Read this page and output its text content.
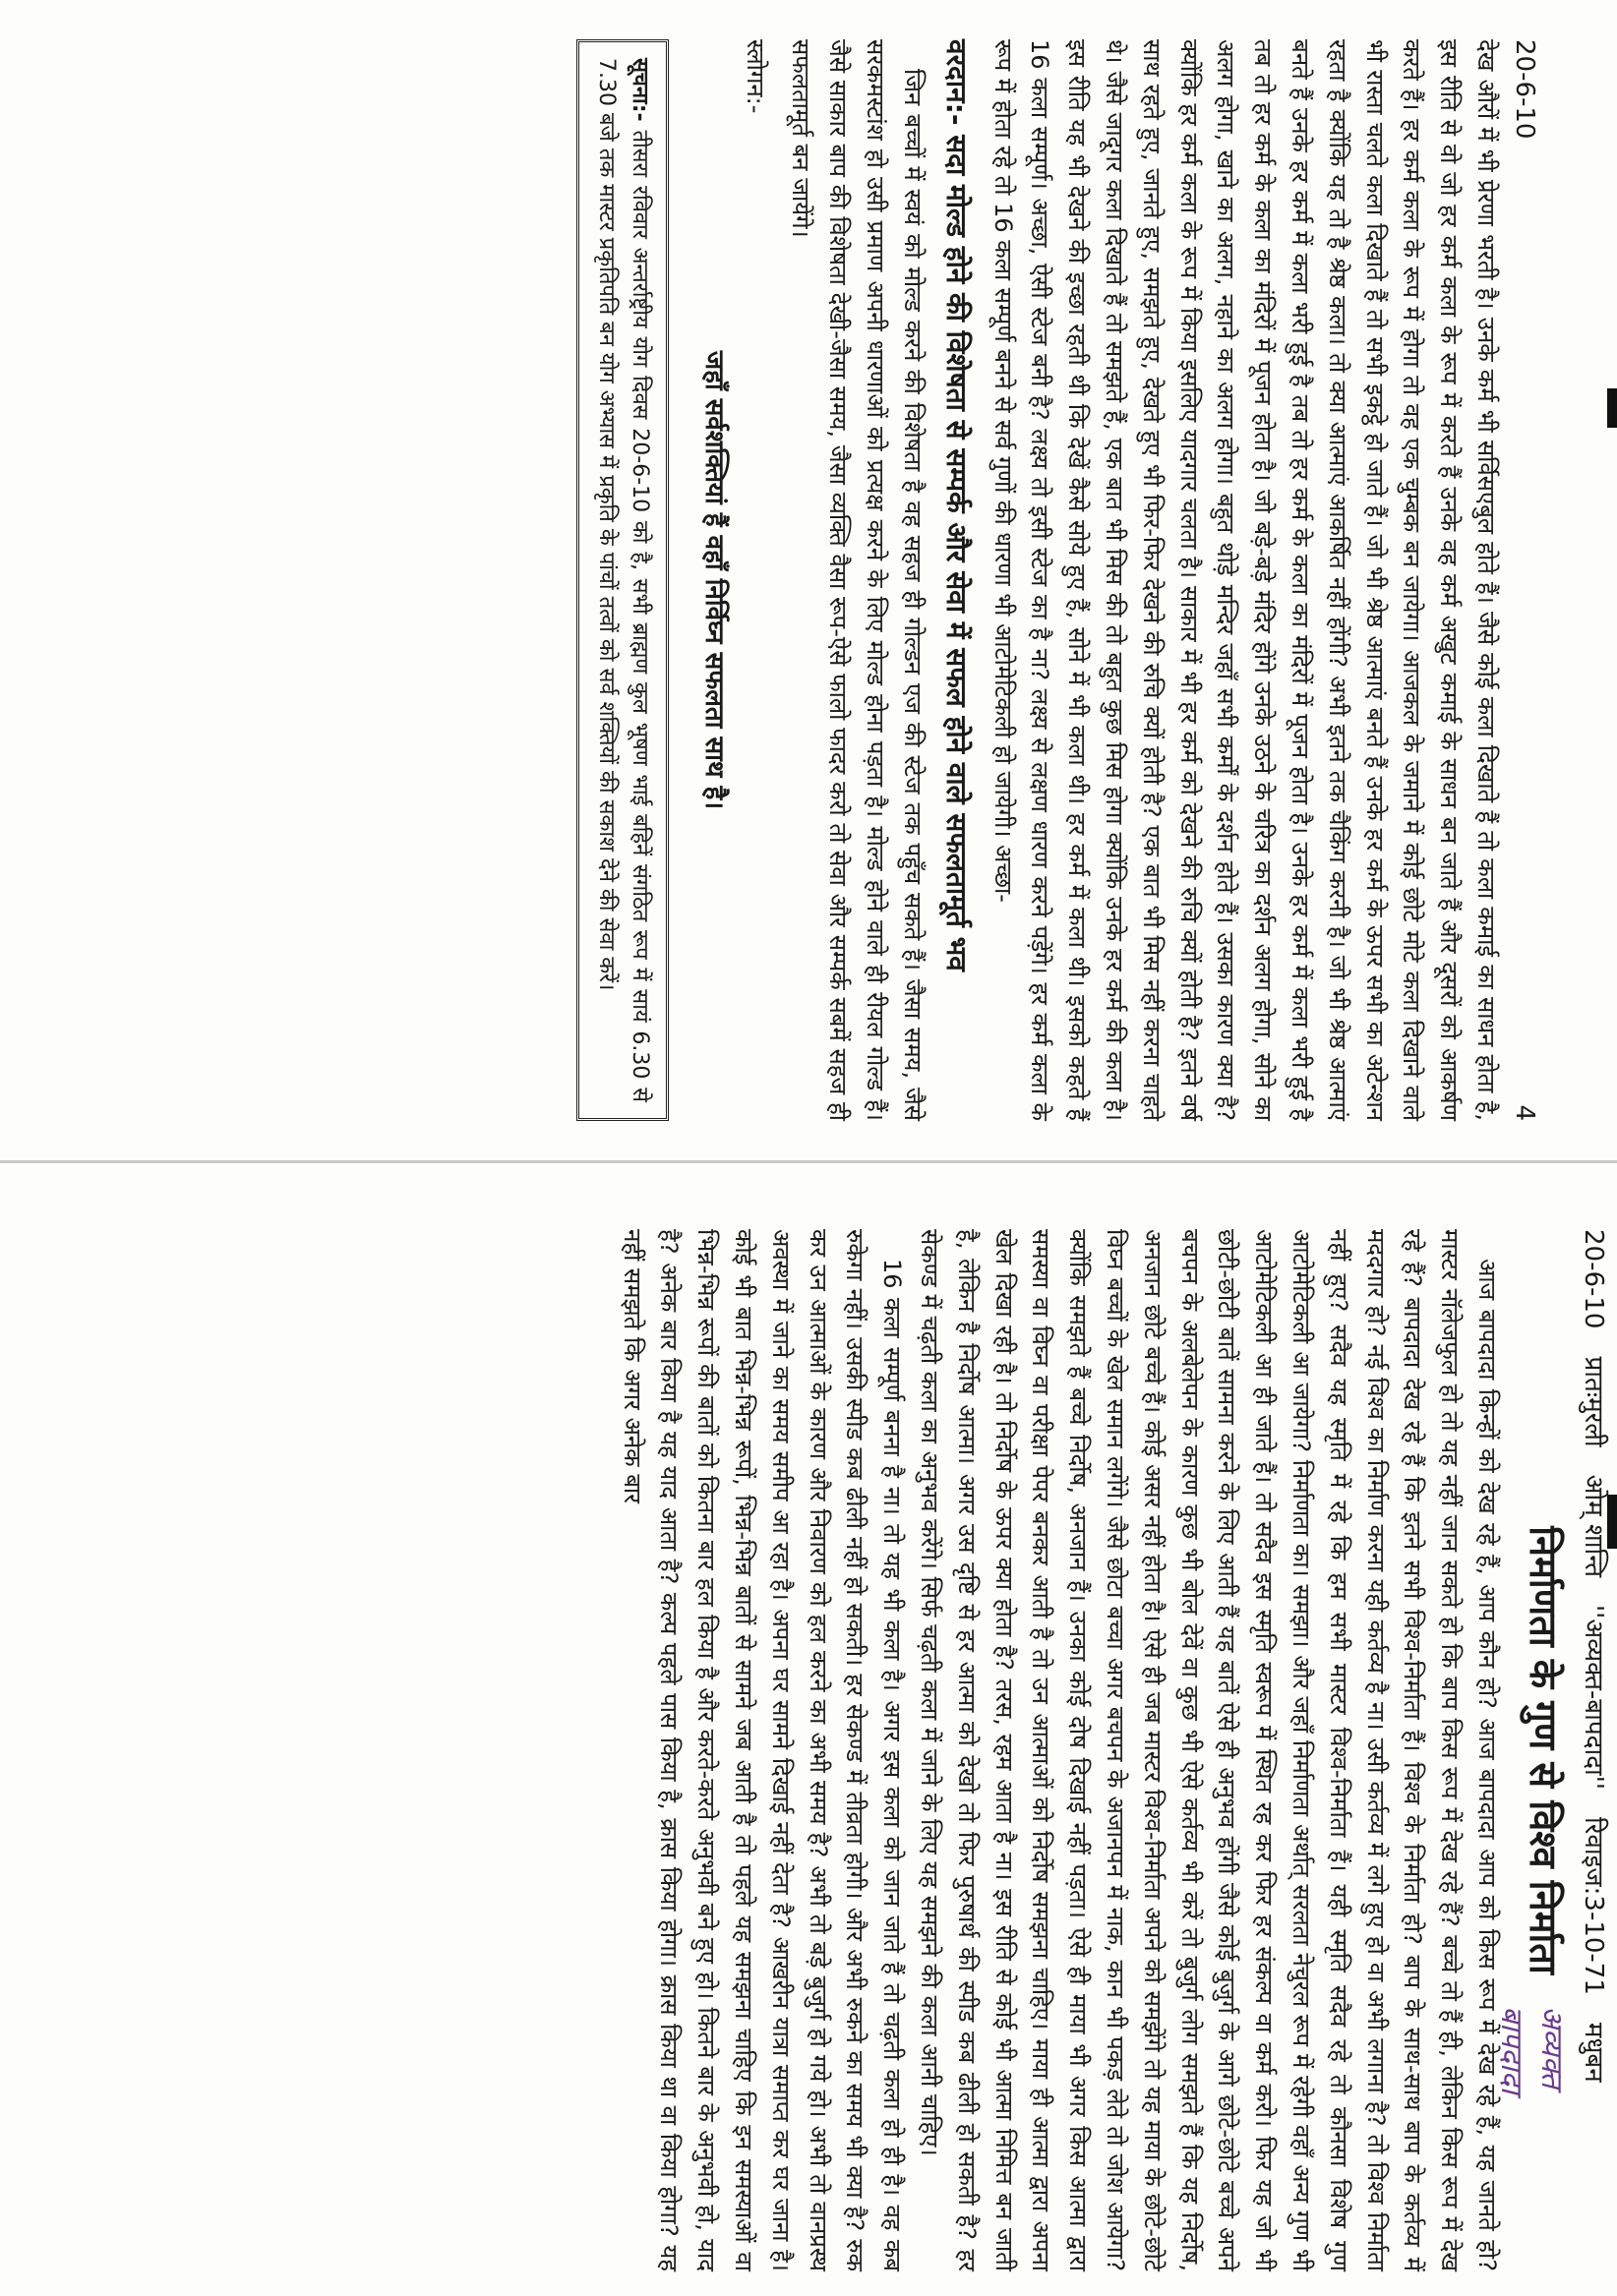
अव्यक्त बापदादा
20-6-10
प्रातःमुरली
ओम् शान्ति
''अव्यक्त-बापदादा''
रिवाइज:3-10-71
मधुबन
निर्माणता के गुण से विश्व निर्माता

आज बापदादा किन्हों को देख रहे हैं, आप कौन हो? आज बापदादा आप को किस रूप में देख रहे हैं, यह जानते हो? मास्टर नॉलेजफुल हो तो यह नहीं जान सकते हो कि बाप किस रूप में देख रहे हैं? बच्चे तो हैं ही, लेकिन किस रूप में देख रहे हैं? बापदादा देख रहे हैं कि इतने सभी विश्व-निर्माता हैं। विश्व के निर्माता हो? बाप के साथ-साथ बाप के कर्तव्य में मददगार हो? नई विश्व का निर्माण करना यही कर्तव्य है ना। उसी कर्तव्य में लगे हुए हो वा अभी लगाना है? तो विश्व निर्माता नहीं हुए? सदैव यह स्मृति में रहे कि हम सभी मास्टर विश्व-निर्माता हैं। यही स्मृति सदैव रहे तो कौनसा विशेष गुण आटोमेटिकली आ जायेगा? निर्माणता का। समझा। और जहाँ निर्माणता अर्थात् सरलता नेचुरल रूप में रहेगी वहाँ अन्य गुण भी आटोमेटिकली आ ही जाते हैं। तो सदैव इस स्मृति स्वरूप में स्थित रह कर फिर हर संकल्प वा कर्म करो। फिर यह जो भी छोटी-छोटी बातें सामना करने के लिए आती हैं यह बातें ऐसे ही अनुभव होंगी जैसे कोई बुजुर्ग के आगे छोटे-छोटे बच्चे अपने बचपन के अलबेलेपन के कारण कुछ भी बोल देवें वा कुछ भी ऐसे कर्तव्य भी करें तो बुजुर्ग लोग समझते हैं कि यह निर्दोष, अनजान छोटे बच्चे हैं। कोई असर नहीं होता है। ऐसे ही जब मास्टर विश्व-निर्माता अपने को समझेंगे तो यह माया के छोटे-छोटे विघ्न बच्चों के खेल समान लगेंगे। जैसे छोटा बच्चा अगर बचपन के अजानपन में नाक, कान भी पकड़ लेते तो जोश आयेगा? क्योंकि समझते हैं बच्चे निर्दोष, अनजान हैं। उनका कोई दोष दिखाई नहीं पड़ता। ऐसे ही माया भी अगर किस आत्मा द्वारा समस्या वा विघ्न वा परीक्षा पेपर बनकर आती है तो उन आत्माओं को निर्दोष समझना चाहिए। माया ही आत्मा द्वारा अपना खेल दिखा रही है। तो निर्दोष के ऊपर क्या होता है? तरस, रहम आता है ना। इस रीति से कोई भी आत्मा निमित्त बन जाती है, लेकिन है निर्दोष आत्मा। अगर उस दृष्टि से हर आत्मा को देखो तो फिर पुरुषार्थ की स्पीड कब ढीली हो सकती है? हर सेकण्ड में चढ़ती कला का अनुभव करेंगे। सिर्फ चढ़ती कला में जाने के लिए यह समझने की कला आनी चाहिए।

16 कला सम्पूर्ण बनना है ना। तो यह भी कला है। अगर इस कला को जान जाते हैं तो चढ़ती कला हो ही है। वह कब रुकेगा नहीं। उसकी स्पीड कब ढीली नहीं हो सकती। हर सेकण्ड में तीव्रता होगी। और अभी रुकने का समय भी क्या है? रुक कर उन आत्माओं के कारण और निवारण को हल करने का अभी समय है? अभी तो बड़े बुजुर्ग हो गये हो। अभी तो वानप्रस्थ अवस्था में जाने का समय समीप आ रहा है। अपना घर सामने दिखाई नहीं देता है? आखरीन यात्रा समाप्त कर घर जाना है। कोई भी बात भिन्न-भिन्न रूपों, भिन्न-भिन्न बातों से सामने जब आती है तो पहले यह समझना चाहिए कि इन समस्याओं वा भिन्न-भिन्न रूपों की बातों को कितना बार हल किया है और करते-करते अनुभवी बने हुए हो। कितने बार के अनुभवी हो, याद है? अनेक बार किया है यह याद आता है? कल्प पहले पास किया है, क्रास किया होगा। क्रास किया था वा किया होगा? यह नहीं समझते कि अगर अनेक बार

20-6-10
4

देख औरों में भी प्रेरणा भरती है। उनके कर्म भी सर्विसएबुल होते हैं। जैसे कोई कला दिखाते हैं तो कला कमाई का साधन होता है, इस रीति से वो जो हर कर्म कला के रूप में करते हैं उनके वह कर्म अखुट कमाई के साधन बन जाते हैं और दूसरों को आकर्षण करते हैं। हर कर्म कला के रूप में होगा तो वह एक चुम्बक बन जायेगा। आजकल के जमाने में कोई छोटे मोटे कला दिखाने वाले भी रास्ता चलते कला दिखाते हैं तो सभी इकट्ठे हो जाते हैं। जो भी श्रेष्ठ आत्माएं बनते हैं उनके हर कर्म के ऊपर सभी का अटेन्शन रहता है क्योंकि यह तो है श्रेष्ठ कला। तो क्या आत्माएं आकर्षित नहीं होंगी? अभी इतने तक चैकिंग करनी है। जो भी श्रेष्ठ आत्माएं बनते हैं उनके हर कर्म में कला भरी हुई है तब तो हर कर्म के कला का मंदिरों में पूजन होता है। उनके हर कर्म में कला भरी हुई है तब तो हर कर्म के कला का मंदिरों में पूजन होता है। जो बड़े-बड़े मंदिर होंगे उनके उठने के चरित्र का दर्शन अलग होगा, सोने का अलग होगा, खाने का अलग, नहाने का अलग होगा। बहुत थोड़े मन्दिर जहाँ सभी कर्मों के दर्शन होते हैं। उसका कारण क्या है? क्योंकि हर कर्म कला के रूप में किया इसलिए यादगार चलता है। साकार में भी हर कर्म को देखने की रुचि क्यों होती है? इतने वर्ष साथ रहते हुए, जानते हुए, समझते हुए, देखते हुए भी फिर-फिर देखने की रुचि क्यों होती है? एक बात भी मिस नहीं करना चाहते थे। जैसे जादूगर कला दिखाते हैं तो समझते हैं, एक बात भी मिस की तो बहुत कुछ मिस होगा क्योंकि उनके हर कर्म की कला है। इस रीति यह भी देखने की इच्छा रहती थी कि देखें कैसे सोये हुए हैं, सोने में भी कला थी। हर कर्म में कला थी। इसको कहते हैं 16 कला सम्पूर्ण। अच्छा, ऐसी स्टेज बनी है? लक्ष्य तो इसी स्टेज का है ना? लक्ष्य से लक्षण धारण करने पड़ेंगे। हर कर्म कला के रूप में होता रहे तो 16 कला सम्पूर्ण बनने से सर्व गुणों की धारणा भी आटोमेटिकली हो जायेगी। अच्छा-

वरदान:- सदा मोल्ड होने की विशेषता से सम्पर्क और सेवा में सफल होने वाले सफलतामूर्त भव

जिन बच्चों में स्वयं को मोल्ड करने की विशेषता है वह सहज ही गोल्डन एज की स्टेज तक पहुँच सकते हैं। जैसा समय, जैसे सरकमस्टांश हो उसी प्रमाण अपनी धारणाओं को प्रत्यक्ष करने के लिए मोल्ड होना पड़ता है। मोल्ड होने वाले ही रीयल गोल्ड हैं। जैसे साकार बाप की विशेषता देखी-जैसा समय, जैसा व्यक्ति वैसा रूप-ऐसे फालो फादर करो तो सेवा और सम्पर्क सबमें सहज ही सफलतामूर्त बन जायेंगे।

स्लोगन:-
जहाँ सर्वशक्तियां हैं वहाँ निर्विघ्न सफलता साथ है।
सूचना:- तीसरा रविवार अन्तर्राष्ट्रीय योग दिवस 20-6-10 को है, सभी ब्राह्मण कुल भूषण भाई बहिनें संगठित रूप में सायं 6.30 से 7.30 बजे तक मास्टर प्रकृतिपति बन योग अभ्यास में प्रकृति के पांचों तत्वों को सर्व शक्तियों की सकाश देने की सेवा करें।
